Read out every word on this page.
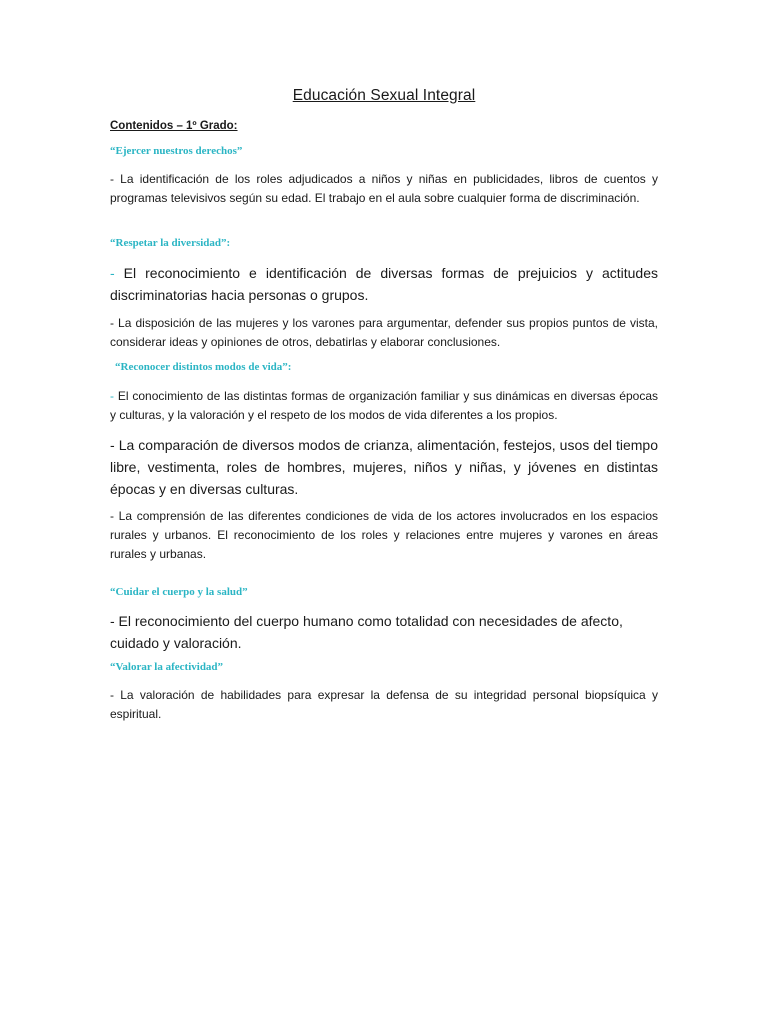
Educación Sexual Integral

Contenidos – 1º Grado:

“Ejercer nuestros derechos”

- La identificación de los roles adjudicados a niños y niñas en publicidades, libros de cuentos y programas televisivos según su edad. El trabajo en el aula sobre cualquier forma de discriminación.

“Respetar la diversidad”:

- El reconocimiento e identificación de diversas formas de prejuicios y actitudes discriminatorias hacia personas o grupos.

- La disposición de las mujeres y los varones para argumentar, defender sus propios puntos de vista, considerar ideas y opiniones de otros, debatirlas y elaborar conclusiones.

“Reconocer distintos modos de vida”:

- El conocimiento de las distintas formas de organización familiar y sus dinámicas en diversas épocas y culturas, y la valoración y el respeto de los modos de vida diferentes a los propios.

- La comparación de diversos modos de crianza, alimentación, festejos, usos del tiempo libre, vestimenta, roles de hombres, mujeres, niños y niñas, y jóvenes en distintas épocas y en diversas culturas.

- La comprensión de las diferentes condiciones de vida de los actores involucrados en los espacios rurales y urbanos. El reconocimiento de los roles y relaciones entre mujeres y varones en áreas rurales y urbanas.

“Cuidar el cuerpo y la salud”

- El reconocimiento del cuerpo humano como totalidad con necesidades de afecto, cuidado y valoración.

“Valorar la afectividad”

- La valoración de habilidades para expresar la defensa de su integridad personal biopsíquica y espiritual.
